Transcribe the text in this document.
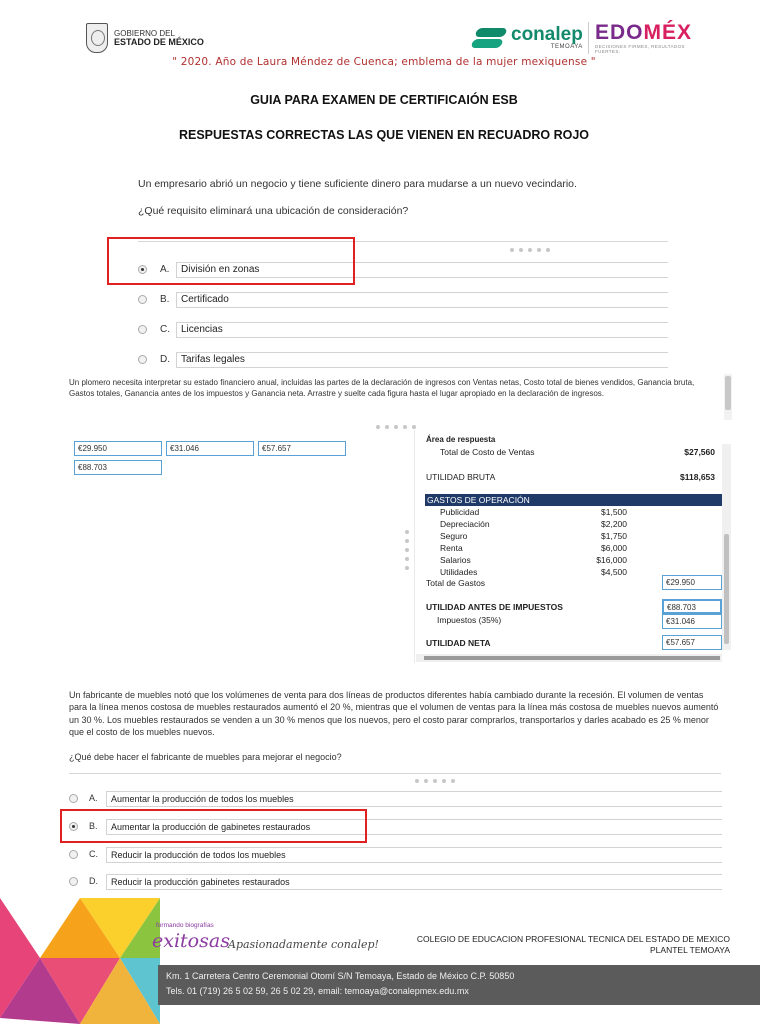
GOBIERNO DEL
ESTADO DE MÉXICO	conalep
TEMOAYA
EDOMÉX
DECISIONES FIRMES, RESULTADOS FUERTES.
" 2020. Año de Laura Méndez de Cuenca; emblema de la mujer mexiquense "
GUIA PARA EXAMEN DE CERTIFICAIÓN ESB
RESPUESTAS CORRECTAS LAS QUE VIENEN EN RECUADRO ROJO
Un empresario abrió un negocio y tiene suficiente dinero para mudarse a un nuevo vecindario.
¿Qué requisito eliminará una ubicación de consideración?
A.	División en zonas
B.	Certificado
C.	Licencias
D.	Tarifas legales
Un plomero necesita interpretar su estado financiero anual, incluidas las partes de la declaración de ingresos con Ventas netas, Costo total de bienes vendidos, Ganancia bruta, Gastos totales, Ganancia antes de los impuestos y Ganancia neta. Arrastre y suelte cada figura hasta el lugar apropiado en la declaración de ingresos.
€29.950	€31.046	€57.657
€88.703
Área de respuesta
Total de Costo de Ventas	$27,560
UTILIDAD BRUTA	$118,653
GASTOS DE OPERACIÓN
Publicidad	$1,500
Depreciación	$2,200
Seguro	$1,750
Renta	$6,000
Salarios	$16,000
Utilidades	$4,500
Total de Gastos	€29.950
UTILIDAD ANTES DE IMPUESTOS	€88.703
Impuestos (35%)	€31.046
UTILIDAD NETA	€57.657
Un fabricante de muebles notó que los volúmenes de venta para dos líneas de productos diferentes había cambiado durante la recesión. El volumen de ventas para la línea menos costosa de muebles restaurados aumentó el 20 %, mientras que el volumen de ventas para la línea más costosa de muebles nuevos aumentó un 30 %. Los muebles restaurados se venden a un 30 % menos que los nuevos, pero el costo parar comprarlos, transportarlos y darles acabado es 25 % menor que el costo de los muebles nuevos.
¿Qué debe hacer el fabricante de muebles para mejorar el negocio?
A.	Aumentar la producción de todos los muebles
B.	Aumentar la producción de gabinetes restaurados
C.	Reducir la producción de todos los muebles
D.	Reducir la producción gabinetes restaurados
formando biografías
exitosas
Apasionadamente conalep!	COLEGIO DE EDUCACION PROFESIONAL TECNICA DEL ESTADO DE MEXICO
PLANTEL TEMOAYA
Km. 1 Carretera Centro Ceremonial Otomí S/N Temoaya, Estado de México C.P. 50850
Tels. 01 (719) 26 5 02 59, 26 5 02 29, email: temoaya@conalepmex.edu.mx
